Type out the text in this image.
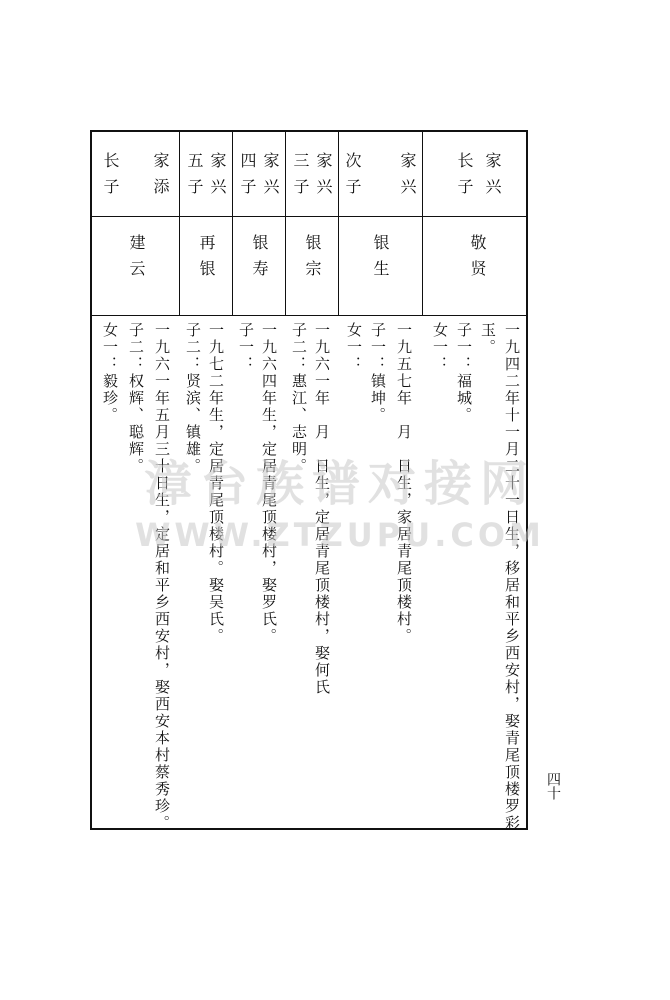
家兴
长子
敬贤
一九四二年十一月二十一日生，移居和平乡西安村，娶青尾顶楼罗彩
玉。
子一：福城。
女一：
家兴
次子
银生
一九五七年　月　日生，家居青尾顶楼村。
子一：镇坤。
女一：
家兴
三子
银宗
一九六一年　月　日生，定居青尾顶楼村，娶何氏
子二：惠江、志明。
家兴
四子
银寿
一九六四年生，定居青尾顶楼村，娶罗氏。
子一：
家兴
五子
再银
一九七二年生，定居青尾顶楼村。娶吴氏。
子二：贤滨、镇雄。
家添
长子
建云
一九六一年五月三十日生，定居和平乡西安村，娶西安本村蔡秀珍。
子二：权辉、聪辉。
女一：毅珍。
四十
漳台族谱对接网
WWW.ZTZUPU.COM
